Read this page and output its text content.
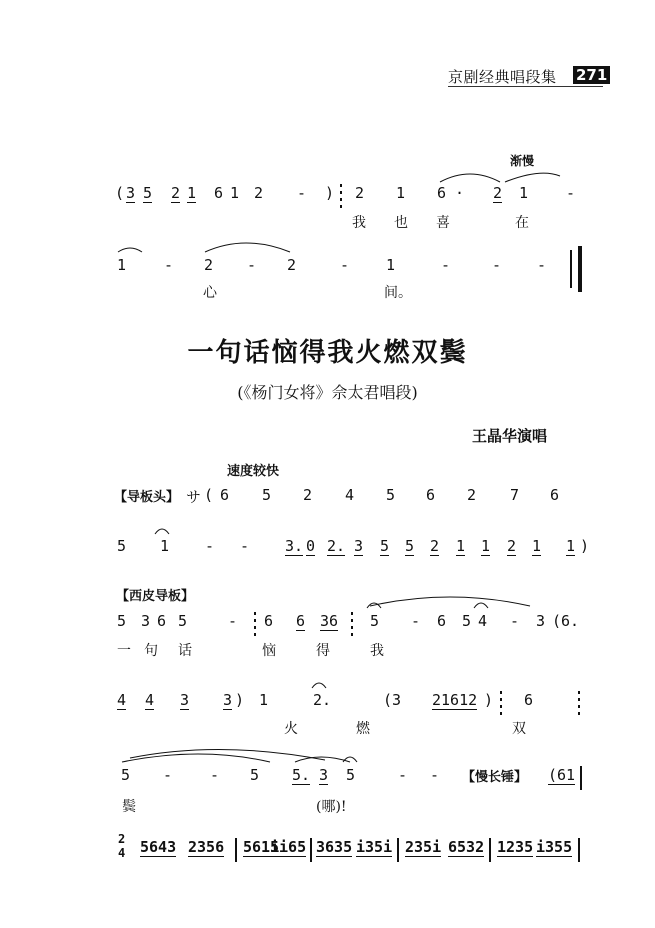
京剧经典唱段集 271
渐慢
( 3 5 2 1 6 1 2 - ) 2 1 6 · 2 1	-
我 也 喜	在
1	- 2 - 2	- 1	-	- -
心	间。
一句话恼得我火燃双鬓
(《杨门女将》佘太君唱段)
王晶华演唱
速度较快
【导板头】 サ ( 6 5 2 4 5 6 2 7 6
5 1 - - 3. 0 2. 3 5 5 2 1 1 2 1 1 )
【西皮导板】
5 3 6 5	- 6 6 36 5 - 6 5 4 - 3 (6.
一 句 话	恼	得	我
4 4 3 3 ) 1	2.	(3 21612 ) 6
火	燃	双
5 -	- 5 5. 3 5	- - 【慢长锤】 (61
鬓	(哪)!
2
4 5643 2356 561i
5i65 3635 i35i 235i 6532 1235 i355
